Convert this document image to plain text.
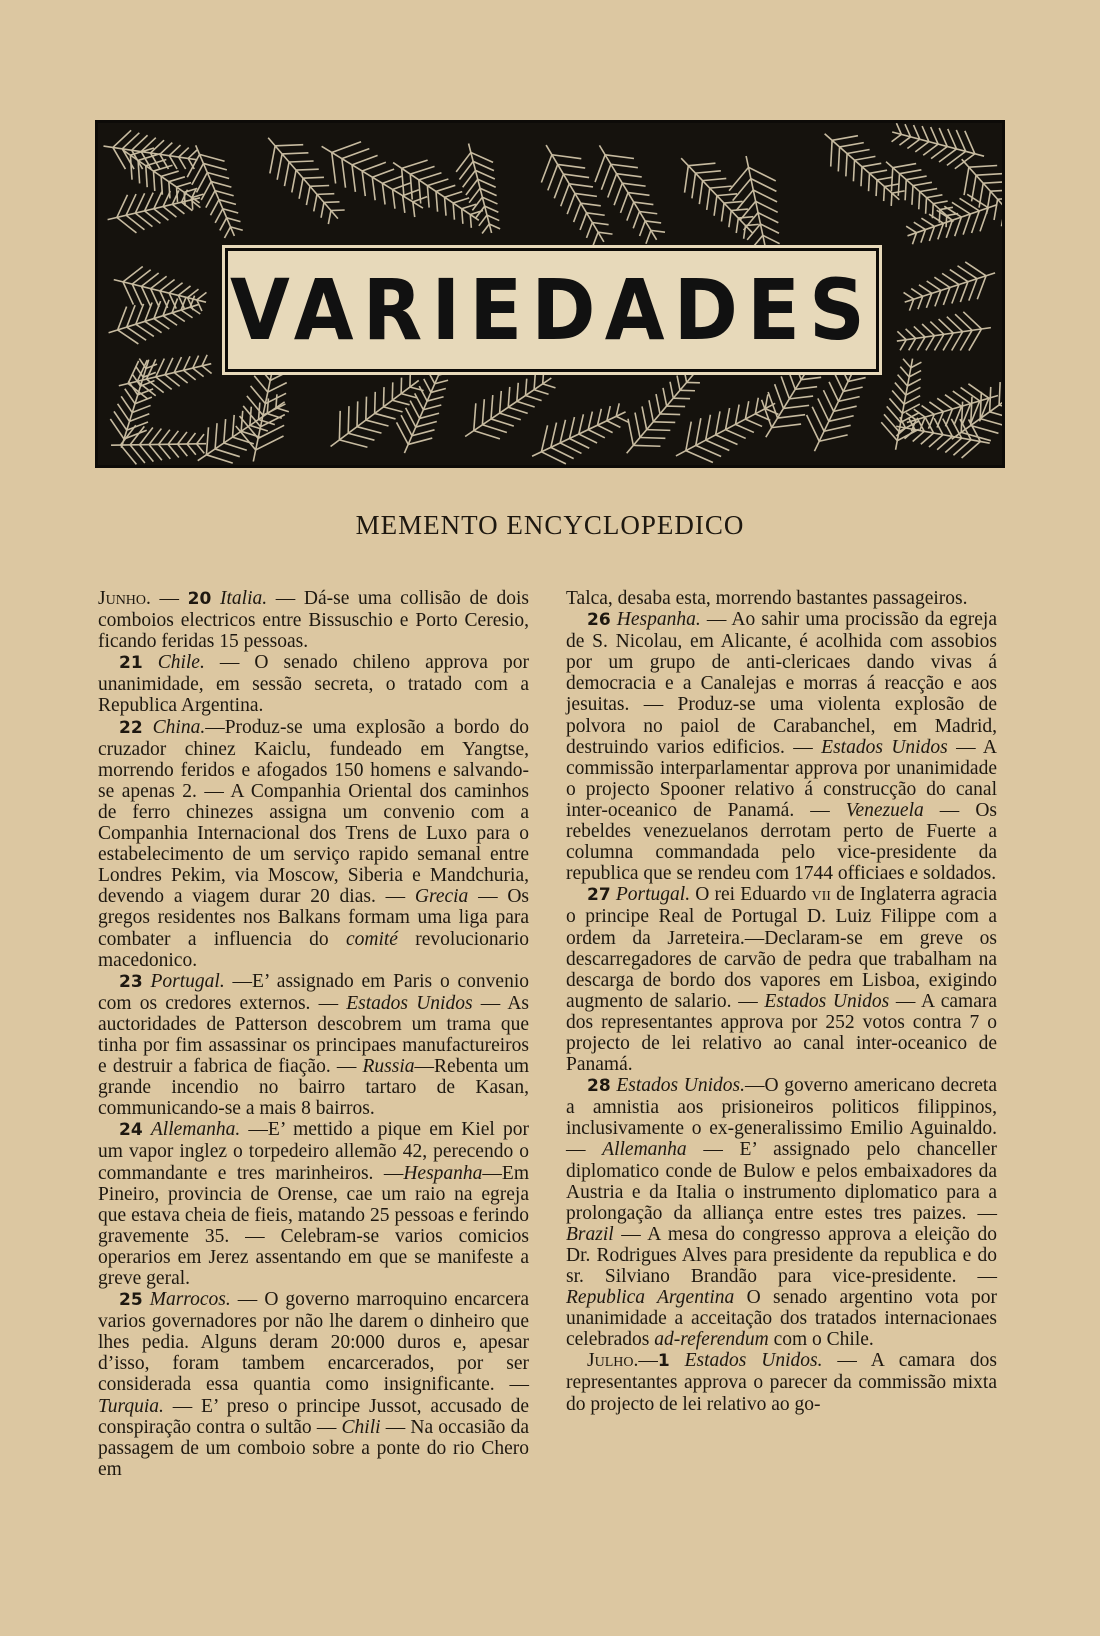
VARIEDADES
MEMENTO ENCYCLOPEDICO

Junho. — 20 Italia. — Dá-se uma collisão de dois comboios electricos entre Bissuschio e Porto Ceresio, ficando feridas 15 pessoas.

21 Chile. — O senado chileno approva por unanimidade, em sessão secreta, o tratado com a Republica Argentina.

22 China.—Produz-se uma explosão a bordo do cruzador chinez Kaiclu, fundeado em Yangtse, morrendo feridos e afogados 150 homens e salvando-se apenas 2. — A Companhia Oriental dos caminhos de ferro chinezes assigna um convenio com a Companhia Internacional dos Trens de Luxo para o estabelecimento de um serviço rapido semanal entre Londres Pekim, via Moscow, Siberia e Mandchuria, devendo a viagem durar 20 dias. — Grecia — Os gregos residentes nos Balkans formam uma liga para combater a influencia do comité revolucionario macedonico.

23 Portugal. —E’ assignado em Paris o convenio com os credores externos. — Estados Unidos — As auctoridades de Patterson descobrem um trama que tinha por fim assassinar os principaes manufactureiros e destruir a fabrica de fiação. — Russia—Rebenta um grande incendio no bairro tartaro de Kasan, communicando-se a mais 8 bairros.

24 Allemanha. —E’ mettido a pique em Kiel por um vapor inglez o torpedeiro allemão 42, perecendo o commandante e tres marinheiros. —Hespanha—Em Pineiro, provincia de Orense, cae um raio na egreja que estava cheia de fieis, matando 25 pessoas e ferindo gravemente 35. — Celebram-se varios comicios operarios em Jerez assentando em que se manifeste a greve geral.

25 Marrocos. — O governo marroquino encarcera varios governadores por não lhe darem o dinheiro que lhes pedia. Alguns deram 20:000 duros e, apesar d’isso, foram tambem encarcerados, por ser considerada essa quantia como insignificante. — Turquia. — E’ preso o principe Jussot, accusado de conspiração contra o sultão — Chili — Na occasião da passagem de um comboio sobre a ponte do rio Chero em

Talca, desaba esta, morrendo bastantes passageiros.

26 Hespanha. — Ao sahir uma procissão da egreja de S. Nicolau, em Alicante, é acolhida com assobios por um grupo de anti-clericaes dando vivas á democracia e a Canalejas e morras á reacção e aos jesuitas. — Produz-se uma violenta explosão de polvora no paiol de Carabanchel, em Madrid, destruindo varios edificios. — Estados Unidos — A commissão interparlamentar approva por unanimidade o projecto Spooner relativo á construcção do canal inter-oceanico de Panamá. — Venezuela — Os rebeldes venezuelanos derrotam perto de Fuerte a columna commandada pelo vice-presidente da republica que se rendeu com 1744 officiaes e soldados.

27 Portugal. O rei Eduardo vii de Inglaterra agracia o principe Real de Portugal D. Luiz Filippe com a ordem da Jarreteira.—Declaram-se em greve os descarregadores de carvão de pedra que trabalham na descarga de bordo dos vapores em Lisboa, exigindo augmento de salario. — Estados Unidos — A camara dos representantes approva por 252 votos contra 7 o projecto de lei relativo ao canal inter-oceanico de Panamá.

28 Estados Unidos.—O governo americano decreta a amnistia aos prisioneiros politicos filippinos, inclusivamente o ex-generalissimo Emilio Aguinaldo. — Allemanha — E’ assignado pelo chanceller diplomatico conde de Bulow e pelos embaixadores da Austria e da Italia o instrumento diplomatico para a prolongação da alliança entre estes tres paizes. — Brazil — A mesa do congresso approva a eleição do Dr. Rodrigues Alves para presidente da republica e do sr. Silviano Brandão para vice-presidente. — Republica Argentina O senado argentino vota por unanimidade a acceitação dos tratados internacionaes celebrados ad-referendum com o Chile.

Julho.—1 Estados Unidos. — A camara dos representantes approva o parecer da commissão mixta do projecto de lei relativo ao go-
